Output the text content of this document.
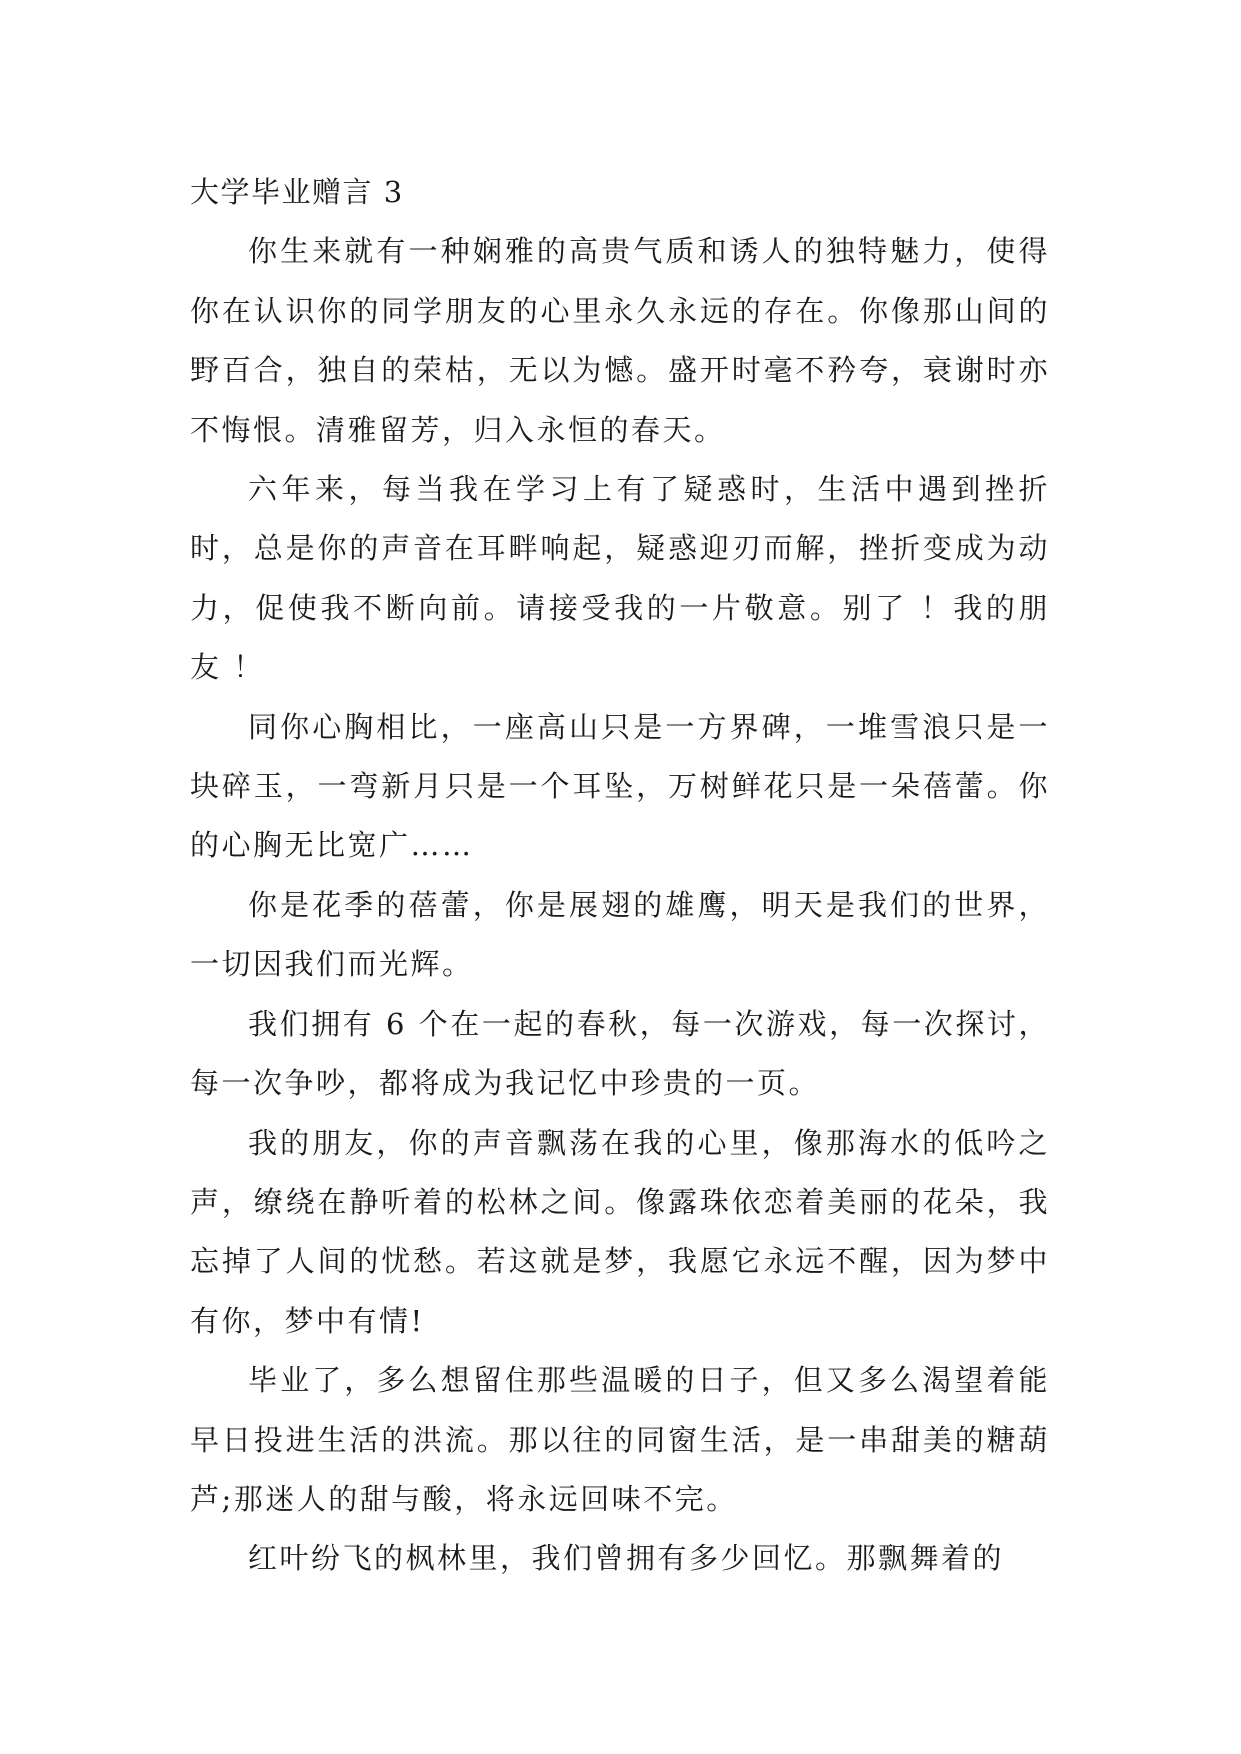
大学毕业赠言 3

你生来就有一种娴雅的高贵气质和诱人的独特魅力，使得你在认识你的同学朋友的心里永久永远的存在。你像那山间的野百合，独自的荣枯，无以为憾。盛开时毫不矜夸，衰谢时亦不悔恨。清雅留芳，归入永恒的春天。

六年来，每当我在学习上有了疑惑时，生活中遇到挫折时，总是你的声音在耳畔响起，疑惑迎刃而解，挫折变成为动力，促使我不断向前。请接受我的一片敬意。别了 ！我的朋友 ！

同你心胸相比，一座高山只是一方界碑，一堆雪浪只是一块碎玉，一弯新月只是一个耳坠，万树鲜花只是一朵蓓蕾。你的心胸无比宽广……

你是花季的蓓蕾，你是展翅的雄鹰，明天是我们的世界，一切因我们而光辉。

我们拥有 6 个在一起的春秋，每一次游戏，每一次探讨，每一次争吵，都将成为我记忆中珍贵的一页。

我的朋友，你的声音飘荡在我的心里，像那海水的低吟之声，缭绕在静听着的松林之间。像露珠依恋着美丽的花朵，我忘掉了人间的忧愁。若这就是梦，我愿它永远不醒，因为梦中有你，梦中有情!

毕业了，多么想留住那些温暖的日子，但又多么渴望着能早日投进生活的洪流。那以往的同窗生活，是一串甜美的糖葫芦;那迷人的甜与酸，将永远回味不完。

红叶纷飞的枫林里，我们曾拥有多少回忆。那飘舞着的
